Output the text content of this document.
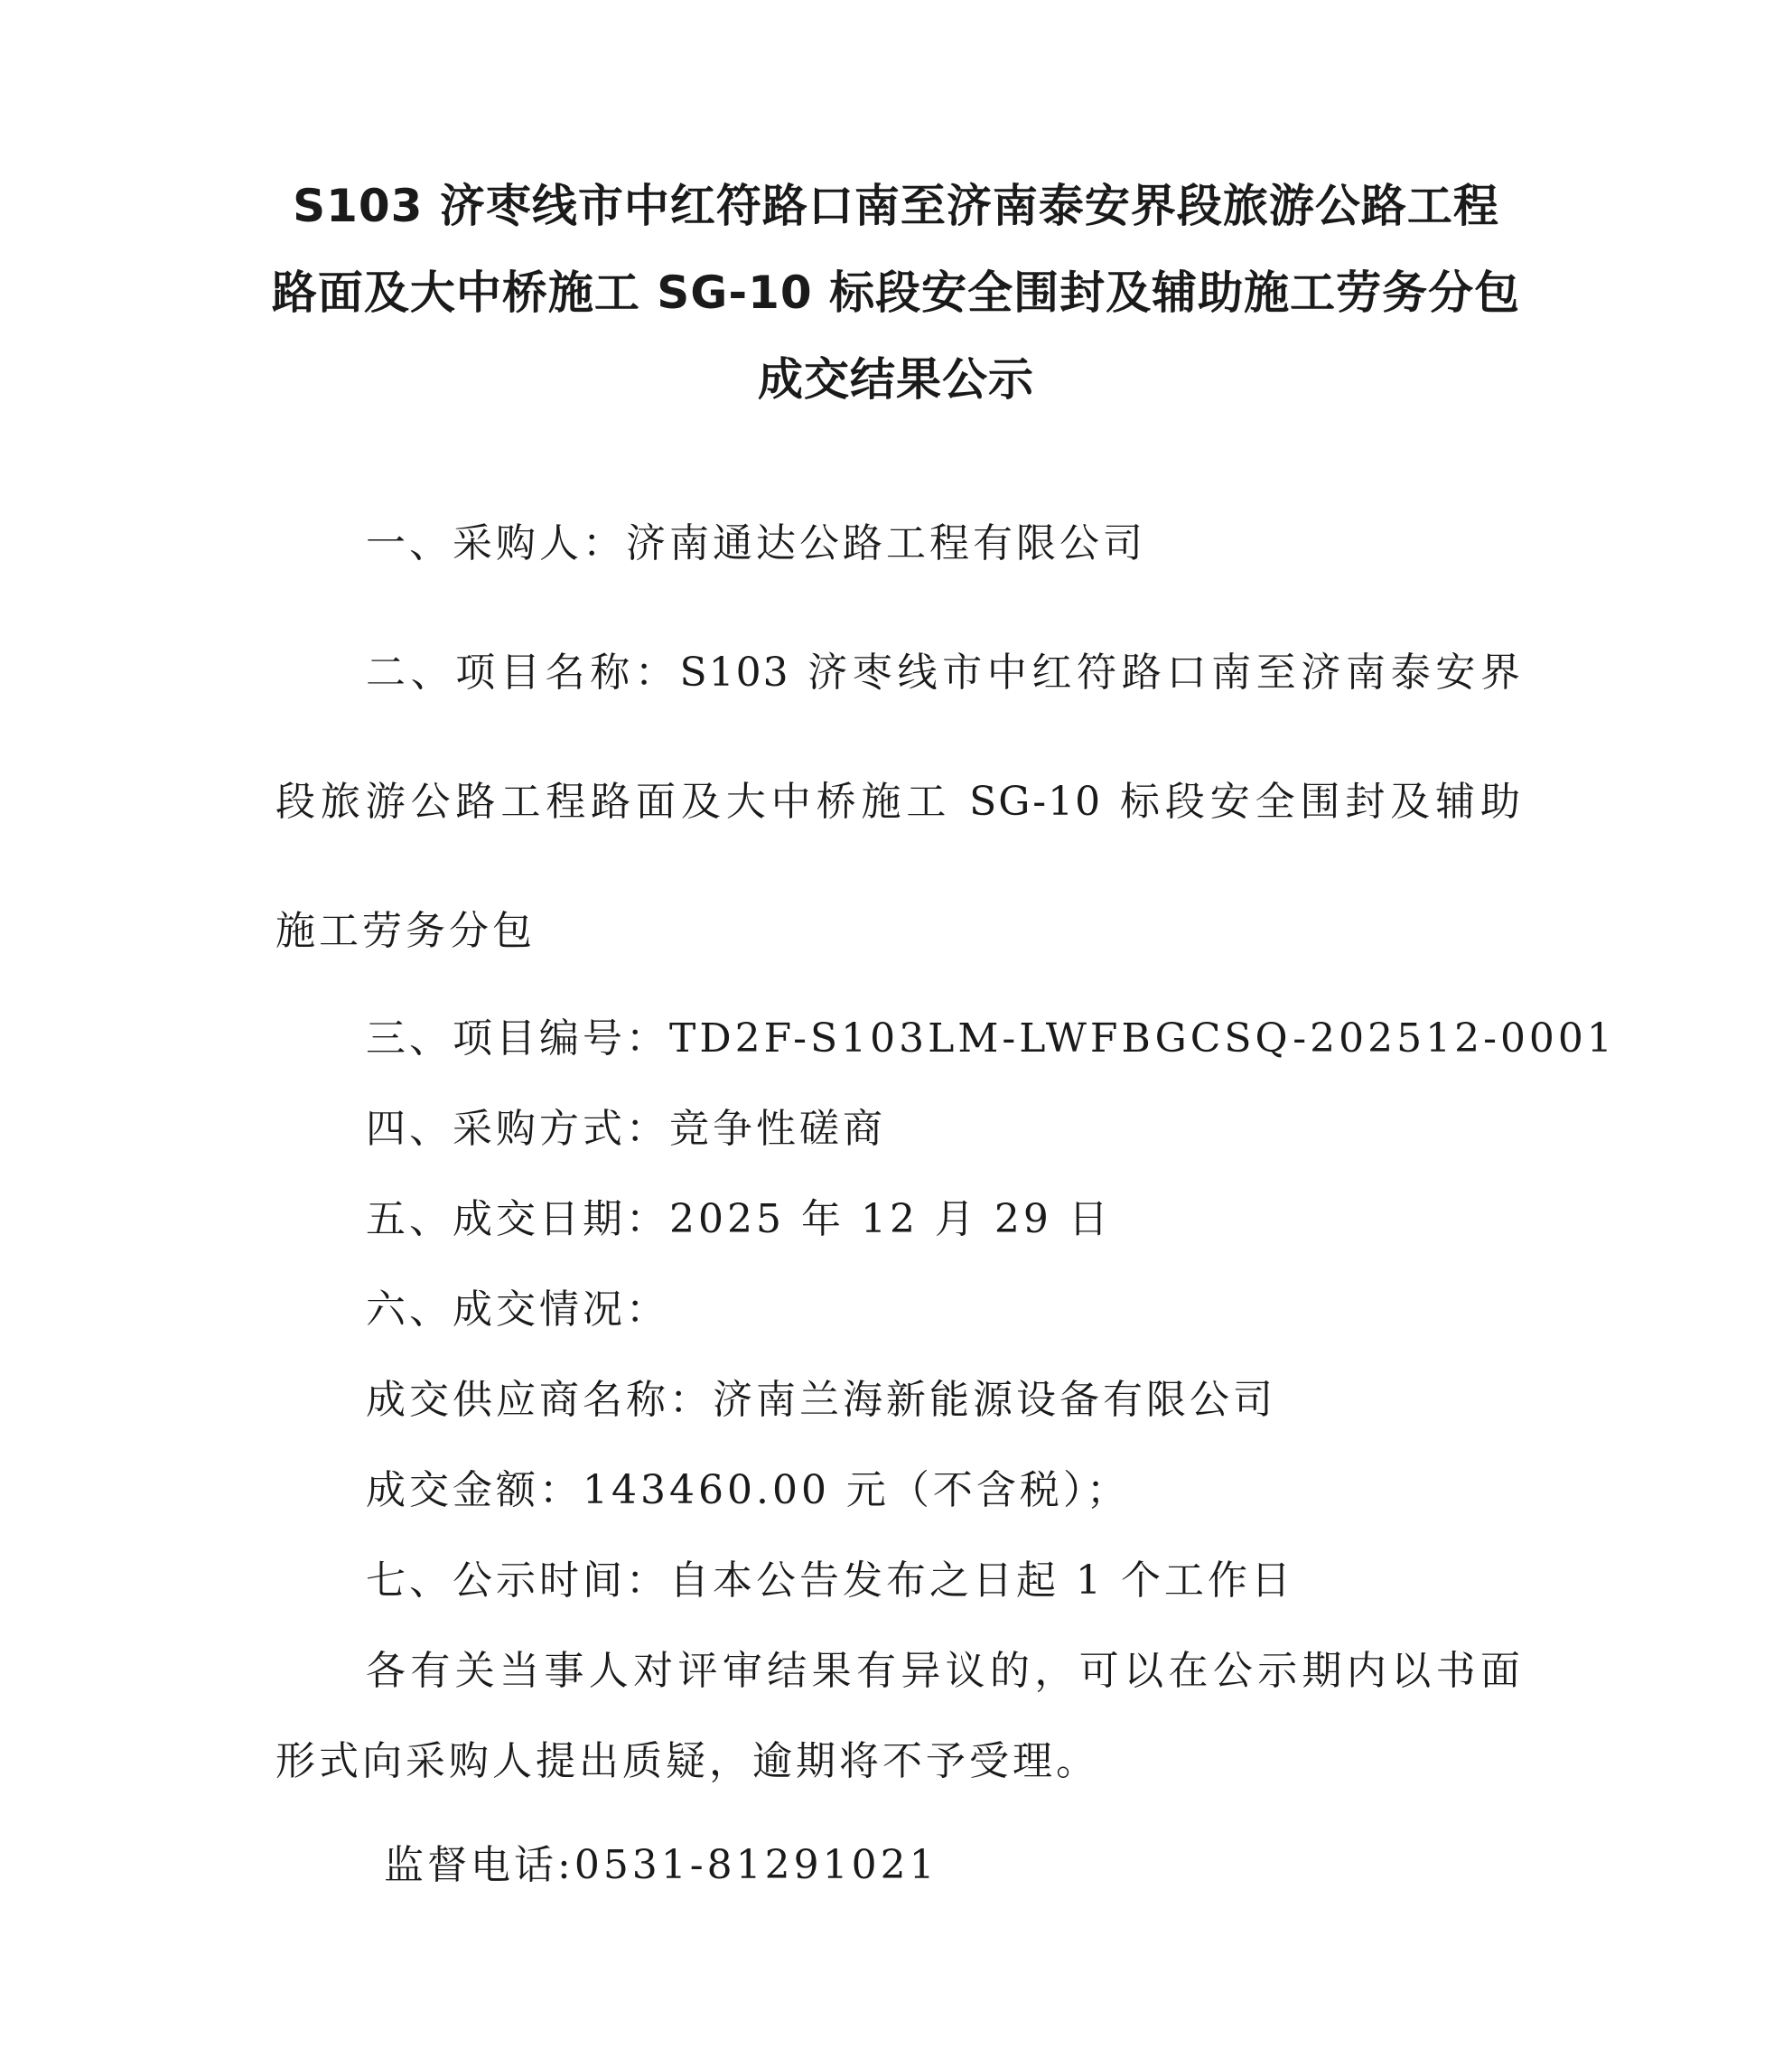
S103 济枣线市中红符路口南至济南泰安界段旅游公路工程
路面及大中桥施工 SG-10 标段安全围封及辅助施工劳务分包
成交结果公示
一、采购人：济南通达公路工程有限公司
二、项目名称：S103 济枣线市中红符路口南至济南泰安界
段旅游公路工程路面及大中桥施工 SG-10 标段安全围封及辅助
施工劳务分包
三、项目编号：TD2F-S103LM-LWFBGCSQ-202512-0001
四、采购方式：竞争性磋商
五、成交日期：2025 年 12 月 29 日
六、成交情况：
成交供应商名称：济南兰海新能源设备有限公司
成交金额：143460.00 元（不含税）；
七、公示时间：自本公告发布之日起 1 个工作日
各有关当事人对评审结果有异议的，可以在公示期内以书面
形式向采购人提出质疑，逾期将不予受理。
监督电话:0531-81291021
